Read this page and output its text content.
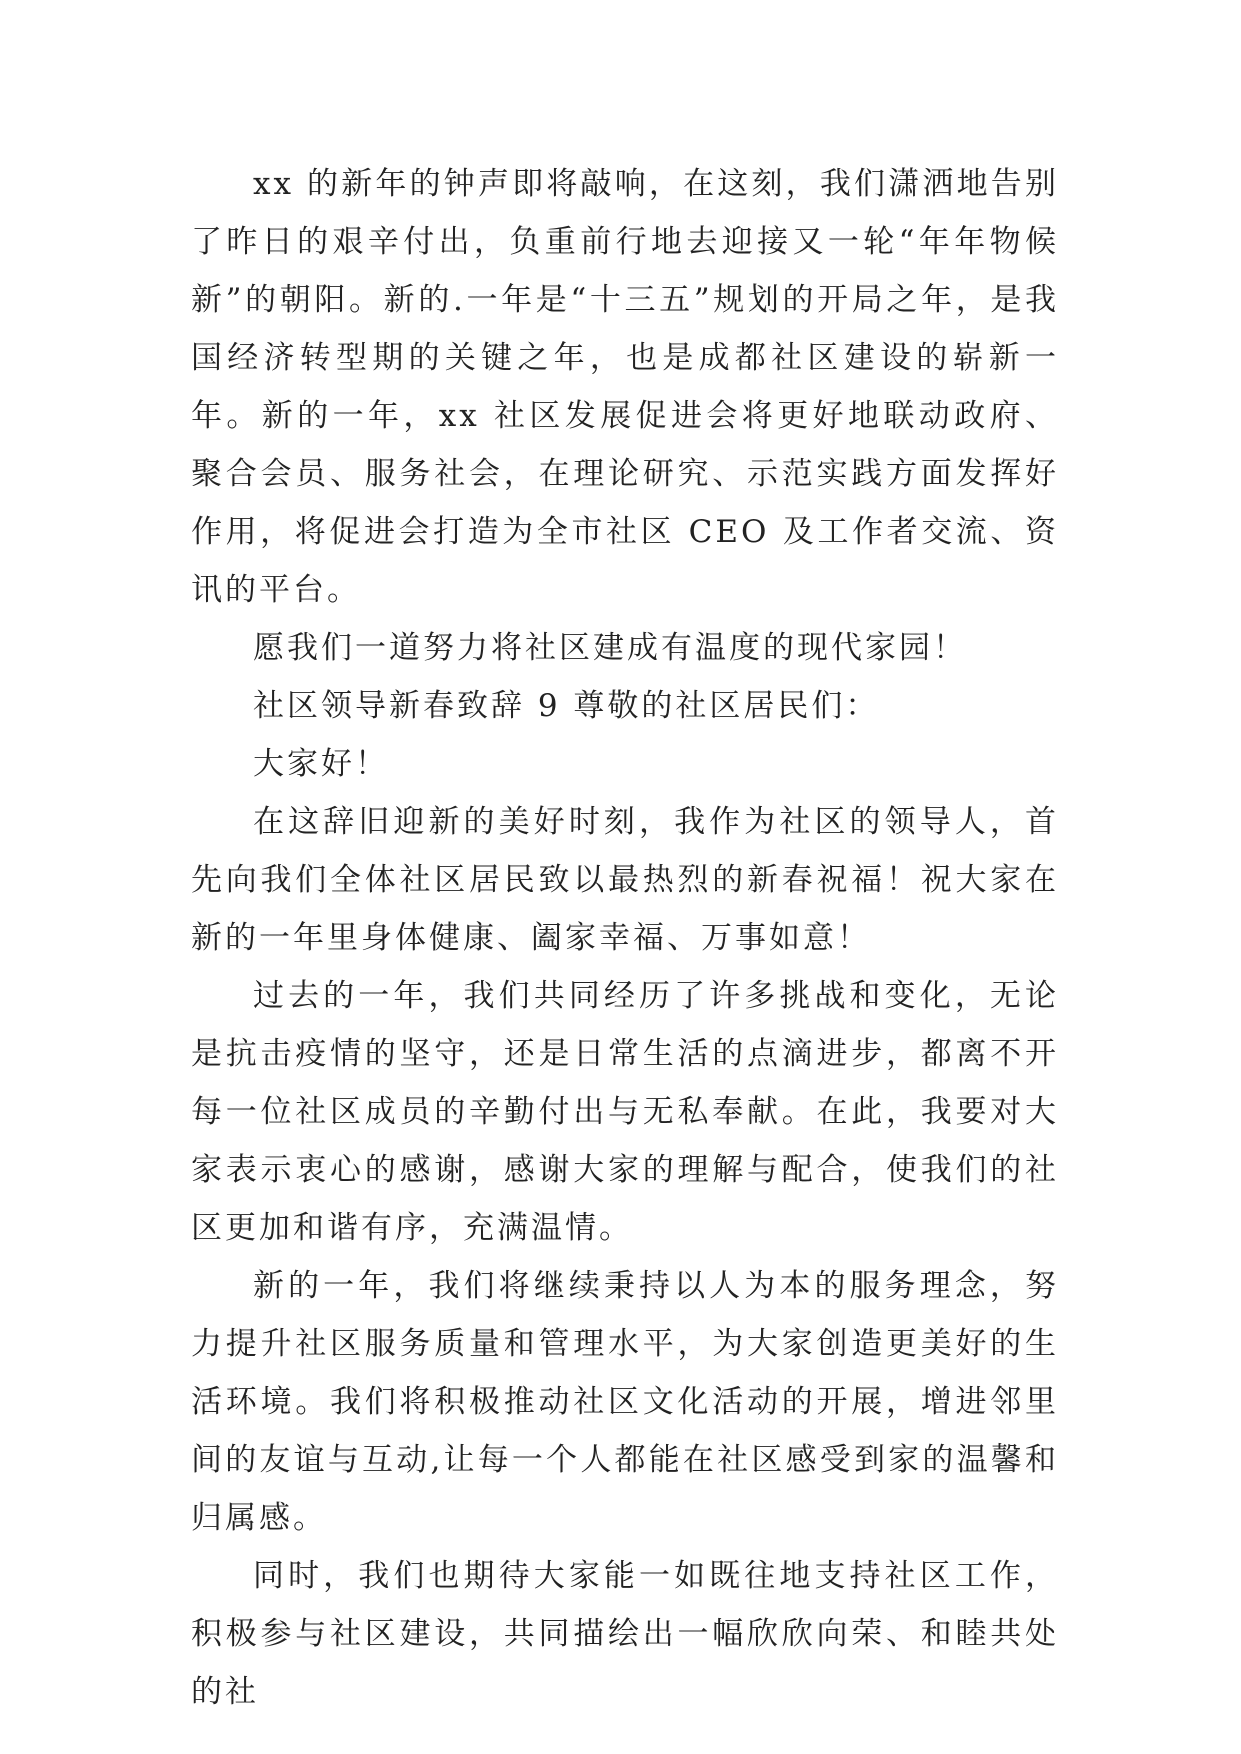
xx 的新年的钟声即将敲响，在这刻，我们潇洒地告别了昨日的艰辛付出，负重前行地去迎接又一轮“年年物候新”的朝阳。新的.一年是“十三五”规划的开局之年，是我国经济转型期的关键之年，也是成都社区建设的崭新一年。新的一年，xx 社区发展促进会将更好地联动政府、聚合会员、服务社会，在理论研究、示范实践方面发挥好作用，将促进会打造为全市社区 CEO 及工作者交流、资讯的平台。

愿我们一道努力将社区建成有温度的现代家园！

社区领导新春致辞 9 尊敬的社区居民们：

大家好！

在这辞旧迎新的美好时刻，我作为社区的领导人，首先向我们全体社区居民致以最热烈的新春祝福！祝大家在新的一年里身体健康、阖家幸福、万事如意！

过去的一年，我们共同经历了许多挑战和变化，无论是抗击疫情的坚守，还是日常生活的点滴进步，都离不开每一位社区成员的辛勤付出与无私奉献。在此，我要对大家表示衷心的感谢，感谢大家的理解与配合，使我们的社区更加和谐有序，充满温情。

新的一年，我们将继续秉持以人为本的服务理念，努力提升社区服务质量和管理水平，为大家创造更美好的生活环境。我们将积极推动社区文化活动的开展，增进邻里间的友谊与互动,让每一个人都能在社区感受到家的温馨和归属感。

同时，我们也期待大家能一如既往地支持社区工作，积极参与社区建设，共同描绘出一幅欣欣向荣、和睦共处的社
